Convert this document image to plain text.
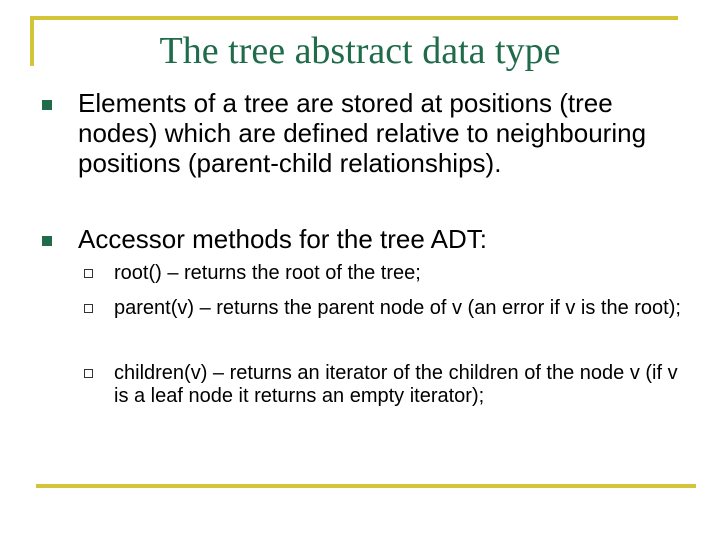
The tree abstract data type
Elements of a tree are stored at positions (tree nodes) which are defined relative to neighbouring positions (parent-child relationships).
Accessor methods for the tree ADT:
root() – returns the root of the tree;
parent(v) – returns the parent node of v (an error if v is the root);
children(v) – returns an iterator of the children of the node v (if v is a leaf node it returns an empty iterator);
